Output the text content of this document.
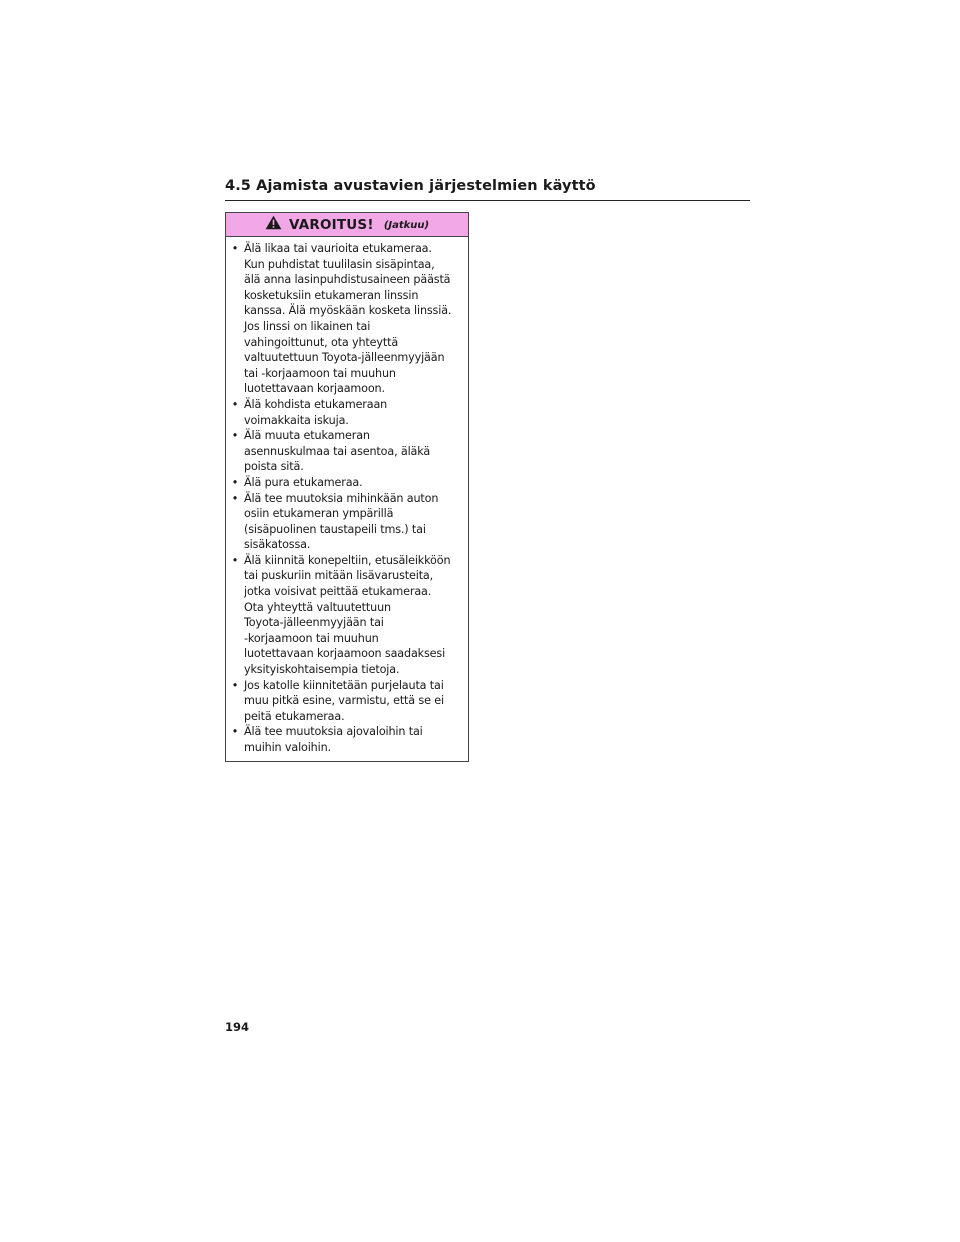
4.5 Ajamista avustavien järjestelmien käyttö
VAROITUS! (Jatkuu)
• Älä likaa tai vaurioita etukameraa.
Kun puhdistat tuulilasin sisäpintaa,
älä anna lasinpuhdistusaineen päästä
kosketuksiin etukameran linssin
kanssa. Älä myöskään kosketa linssiä.
Jos linssi on likainen tai
vahingoittunut, ota yhteyttä
valtuutettuun Toyota-jälleenmyyjään
tai -korjaamoon tai muuhun
luotettavaan korjaamoon.
• Älä kohdista etukameraan
voimakkaita iskuja.
• Älä muuta etukameran
asennuskulmaa tai asentoa, äläkä
poista sitä.
• Älä pura etukameraa.
• Älä tee muutoksia mihinkään auton
osiin etukameran ympärillä
(sisäpuolinen taustapeili tms.) tai
sisäkatossa.
• Älä kiinnitä konepeltiin, etusäleikköön
tai puskuriin mitään lisävarusteita,
jotka voisivat peittää etukameraa.
Ota yhteyttä valtuutettuun
Toyota-jälleenmyyjään tai
-korjaamoon tai muuhun
luotettavaan korjaamoon saadaksesi
yksityiskohtaisempia tietoja.
• Jos katolle kiinnitetään purjelauta tai
muu pitkä esine, varmistu, että se ei
peitä etukameraa.
• Älä tee muutoksia ajovaloihin tai
muihin valoihin.
194
